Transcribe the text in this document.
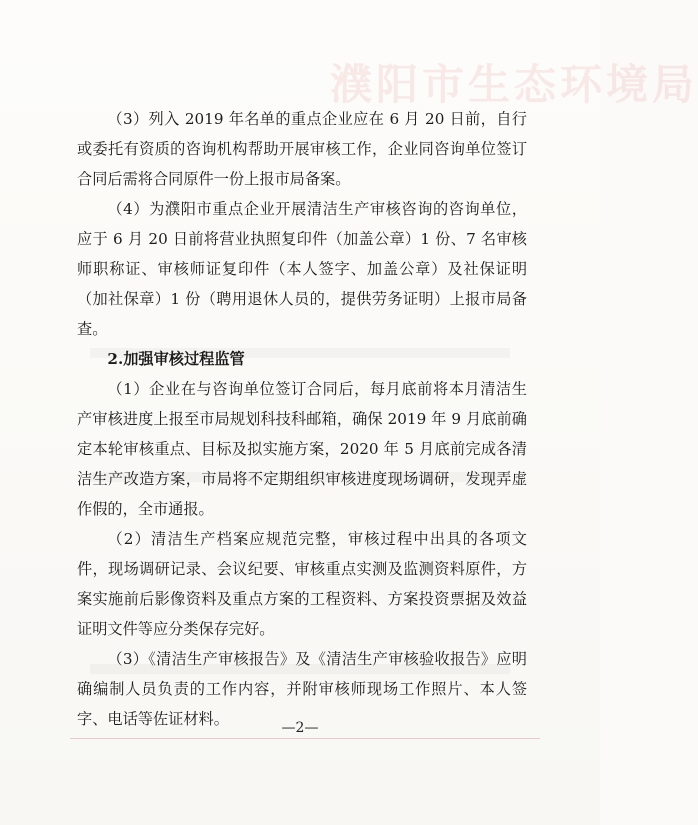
濮阳市生态环境局

（3）列入 2019 年名单的重点企业应在 6 月 20 日前，自行或委托有资质的咨询机构帮助开展审核工作，企业同咨询单位签订合同后需将合同原件一份上报市局备案。

（4）为濮阳市重点企业开展清洁生产审核咨询的咨询单位，应于 6 月 20 日前将营业执照复印件（加盖公章）1 份、7 名审核师职称证、审核师证复印件（本人签字、加盖公章）及社保证明（加社保章）1 份（聘用退休人员的，提供劳务证明）上报市局备查。

2.加强审核过程监管

（1）企业在与咨询单位签订合同后，每月底前将本月清洁生产审核进度上报至市局规划科技科邮箱，确保 2019 年 9 月底前确定本轮审核重点、目标及拟实施方案，2020 年 5 月底前完成各清洁生产改造方案，市局将不定期组织审核进度现场调研，发现弄虚作假的，全市通报。

（2）清洁生产档案应规范完整，审核过程中出具的各项文件，现场调研记录、会议纪要、审核重点实测及监测资料原件，方案实施前后影像资料及重点方案的工程资料、方案投资票据及效益证明文件等应分类保存完好。

（3）《清洁生产审核报告》及《清洁生产审核验收报告》应明确编制人员负责的工作内容，并附审核师现场工作照片、本人签字、电话等佐证材料。	—2—
